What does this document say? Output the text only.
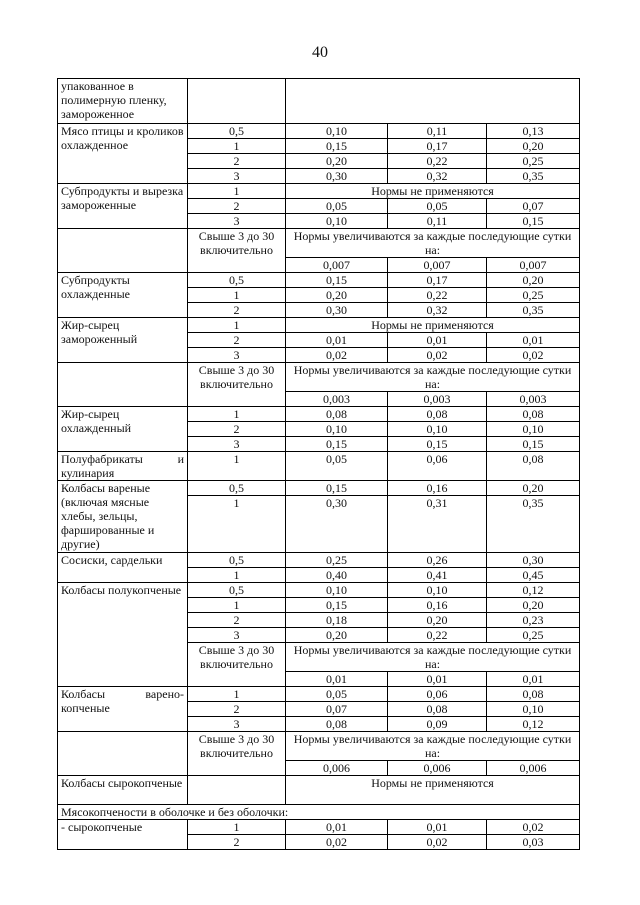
40
упакованное в полимерную пленку, замороженное				
Мясо птицы и кроликов охлажденное	0,5	0,10	0,11	0,13
	1	0,15	0,17	0,20
	2	0,20	0,22	0,25
	3	0,30	0,32	0,35
Субпродукты и вырезка замороженные	1	Нормы не применяются		
	2	0,05	0,05	0,07
	3	0,10	0,11	0,15
	Свыше 3 до 30 включительно	Нормы увеличиваются за каждые последующие сутки на:		
		0,007	0,007	0,007
Субпродукты охлажденные	0,5	0,15	0,17	0,20
	1	0,20	0,22	0,25
	2	0,30	0,32	0,35
Жир-сырец замороженный	1	Нормы не применяются		
	2	0,01	0,01	0,01
	3	0,02	0,02	0,02
	Свыше 3 до 30 включительно	Нормы увеличиваются за каждые последующие сутки на:		
		0,003	0,003	0,003
Жир-сырец охлажденный	1	0,08	0,08	0,08
	2	0,10	0,10	0,10
	3	0,15	0,15	0,15
Полуфабрикаты и кулинария	1	0,05	0,06	0,08
Колбасы вареные (включая мясные хлебы, зельцы, фаршированные и другие)	0,5	0,15	0,16	0,20
	1	0,30	0,31	0,35
Сосиски, сардельки	0,5	0,25	0,26	0,30
	1	0,40	0,41	0,45
Колбасы полукопченые	0,5	0,10	0,10	0,12
	1	0,15	0,16	0,20
	2	0,18	0,20	0,23
	3	0,20	0,22	0,25
	Свыше 3 до 30 включительно	Нормы увеличиваются за каждые последующие сутки на:		
		0,01	0,01	0,01
Колбасы варено-копченые	1	0,05	0,06	0,08
	2	0,07	0,08	0,10
	3	0,08	0,09	0,12
	Свыше 3 до 30 включительно	Нормы увеличиваются за каждые последующие сутки на:		
		0,006	0,006	0,006
Колбасы сырокопченые		Нормы не применяются		
Мясокопчености в оболочке и без оболочки:				
- сырокопченые	1	0,01	0,01	0,02
	2	0,02	0,02	0,03
